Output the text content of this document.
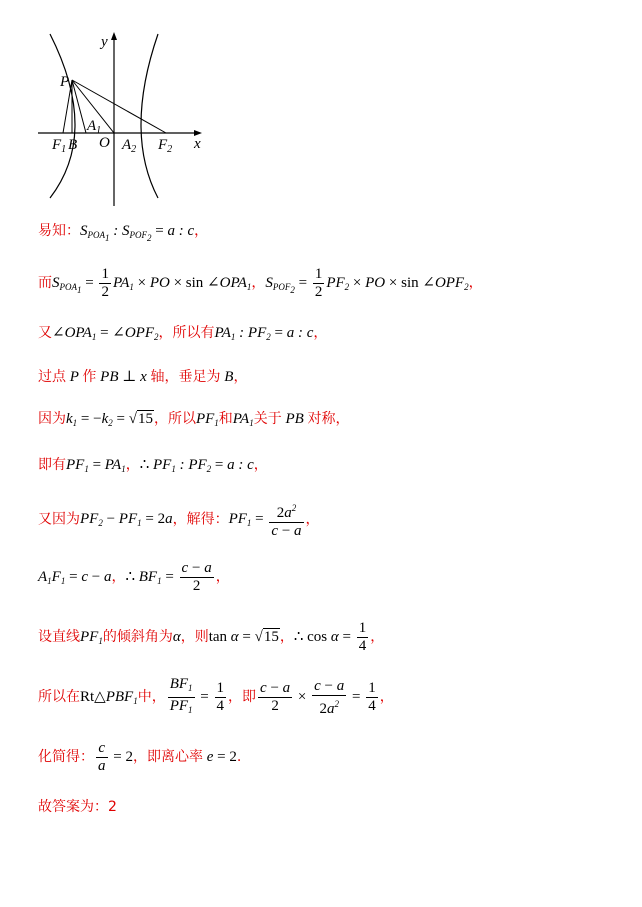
y
x
P
$A_1$
$F_1$ B O $A_2$ $F_2$
易知：$S_{POA_1}$ : $S_{POF_2} = a$ : c，
而$S_{POA_1} = \frac{1}{2} PA_1$ × PO × $\sin \angle OPA_1$，$S_{POF_2} = \frac{1}{2} PF_2$ × PO × $\sin \angle OPF_2$，
又$\angle OPA_1$ = $\angle OPF_2$，所以有$PA_1$ : $PF_2 = a$ : c，
过点 P 作 PB ⊥ x 轴，垂足为 B，
因为$k_1 = -k_2 = √15$，所以$PF_1$和$PA_1$关于 PB 对称，
即有$PF_1 = PA_1$，∴ $PF_1$ : $PF_2 = a$ : c，
又因为$PF_2 - PF_1 = 2a$，解得：$PF_1 = \frac{2a^2}{c - a}$ ，
$A_1F_1 = c - a$，∴ $BF_1 = \frac{c - a}{2}$ ，
设直线$PF_1$的倾斜角为α，则tan α = √15，∴ $\cos \alpha = \frac{1}{4}$ ，
所以在$Rt\triangle PBF_1$中， $\frac{BF_1}{PF_1} = \frac{1}{4}$ ，即 $\frac{c - a}{2} \times \frac{c - a}{2a^2} = \frac{1}{4}$ ，
化简得： $\frac{c}{a} = 2$，即离心率 e = 2.
故答案为：2
